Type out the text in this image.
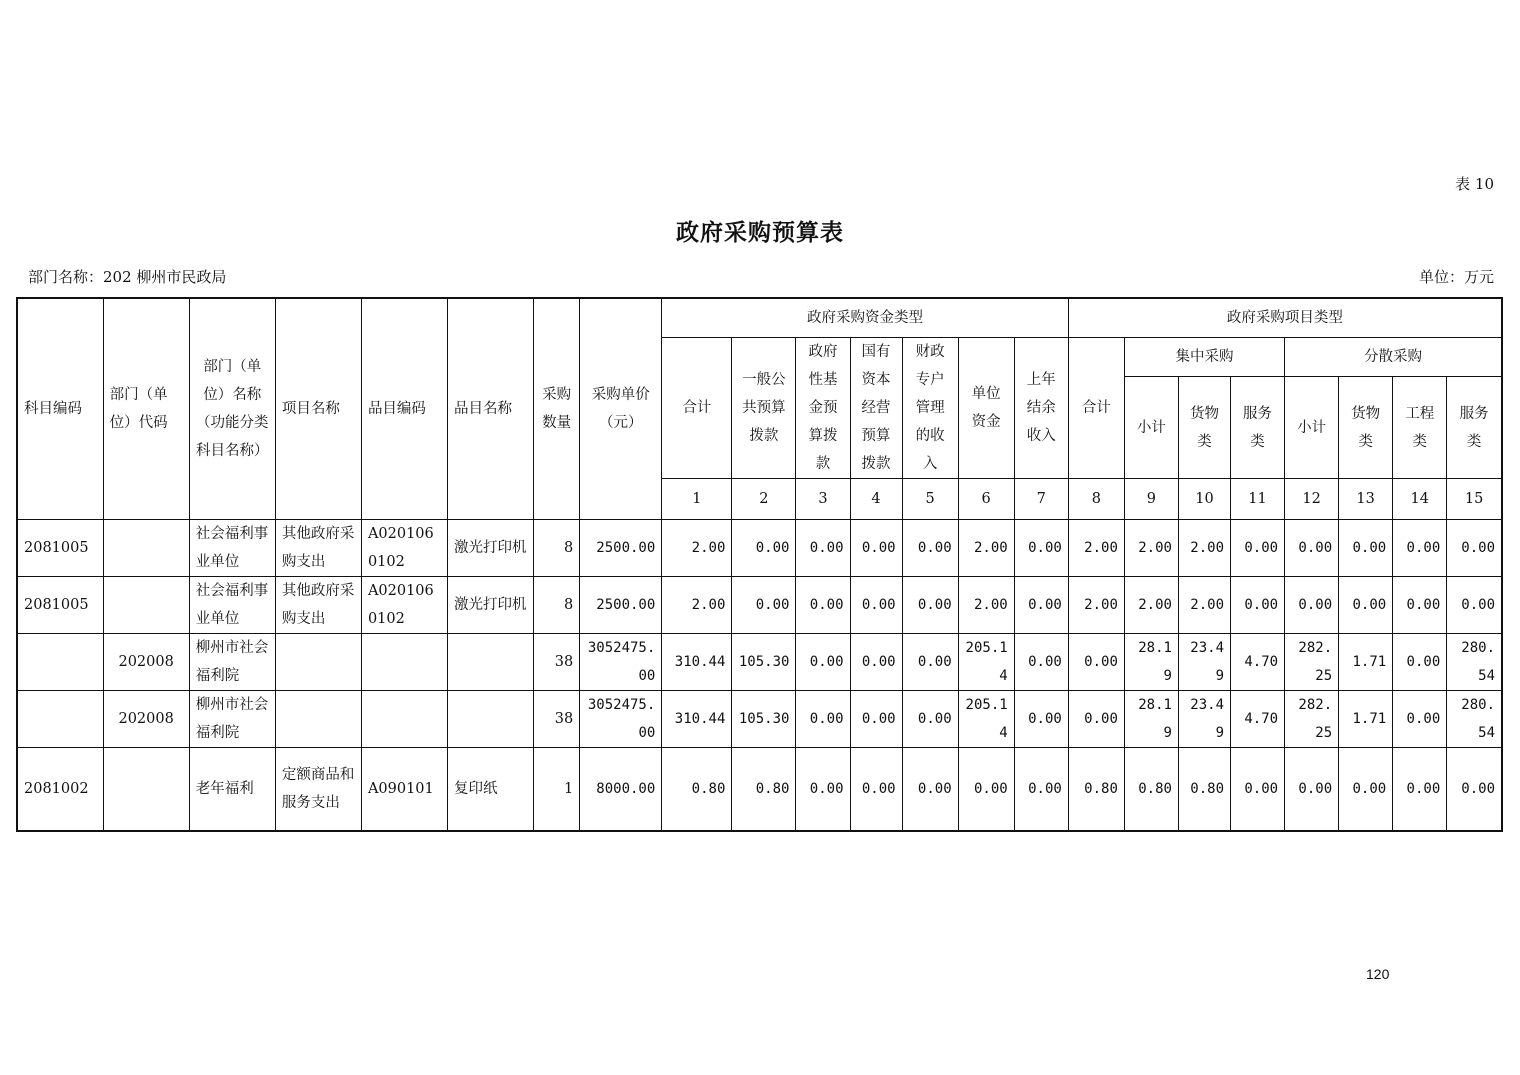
表 10
政府采购预算表
部门名称：202 柳州市民政局	单位：万元
科目编码	部门（单位）代码	部门（单位）名称（功能分类科目名称）	项目名称	品目编码	品目名称	采购数量	采购单价（元）	政府采购资金类型							政府采购项目类型							
								合计	一般公共预算拨款	政府性基金预算拨款	国有资本经营预算拨款	财政专户管理的收入	单位资金	上年结余收入	合计	集中采购			分散采购			
																小计	货物类	服务类	小计	货物类	工程类	服务类
								1	2	3	4	5	6	7	8	9	10	11	12	13	14	15
2081005		社会福利事业单位	其他政府采购支出	A0201060102	激光打印机	8	2500.00	2.00	0.00	0.00	0.00	0.00	2.00	0.00	2.00	2.00	2.00	0.00	0.00	0.00	0.00	0.00
2081005		社会福利事业单位	其他政府采购支出	A0201060102	激光打印机	8	2500.00	2.00	0.00	0.00	0.00	0.00	2.00	0.00	2.00	2.00	2.00	0.00	0.00	0.00	0.00	0.00
	202008	柳州市社会福利院				38	3052475.00	310.44	105.30	0.00	0.00	0.00	205.14	0.00	0.00	28.19	23.49	4.70	282.25	1.71	0.00	280.54
	202008	柳州市社会福利院				38	3052475.00	310.44	105.30	0.00	0.00	0.00	205.14	0.00	0.00	28.19	23.49	4.70	282.25	1.71	0.00	280.54
2081002		老年福利	定额商品和服务支出	A090101	复印纸	1	8000.00	0.80	0.80	0.00	0.00	0.00	0.00	0.00	0.80	0.80	0.80	0.00	0.00	0.00	0.00	0.00
120
